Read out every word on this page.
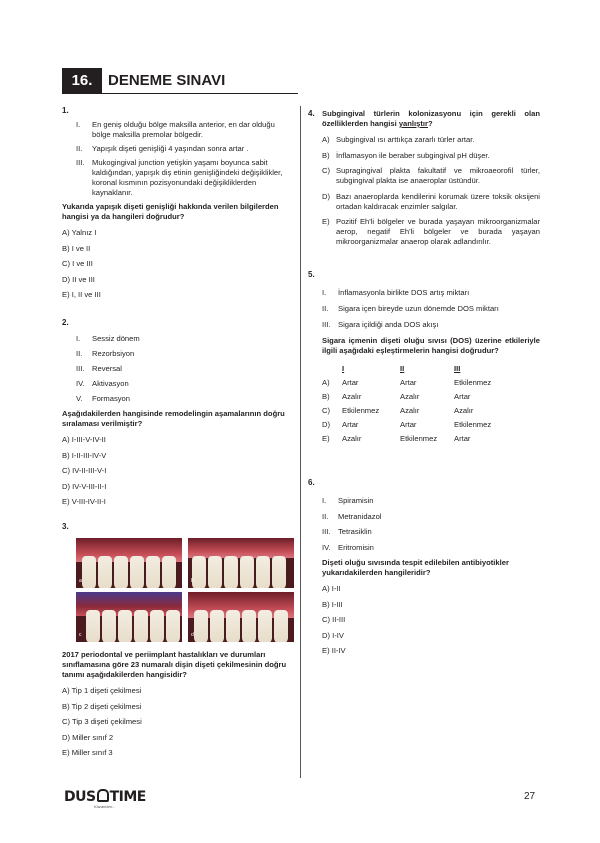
16.	DENEME SINAVI
1.
I.	En geniş olduğu bölge maksilla anterior, en dar olduğu bölge maksilla premolar bölgedir.
II.	Yapışık dişeti genişliği 4 yaşından sonra artar .
III. Mukogingival junction yetişkin yaşamı boyunca sabit kaldığından, yapışık diş etinin genişliğindeki değişiklikler, koronal kısmının pozisyonundaki değişikliklerden kaynaklanır.
Yukarıda yapışık dişeti genişliği hakkında verilen bilgilerden hangisi ya da hangileri doğrudur?
A) Yalnız I
B) I ve II
C) I ve III
D) II ve III
E) I, II ve III
2.
I.	Sessiz dönem
II.	Rezorbsiyon
III. Reversal
IV. Aktivasyon
V.	Formasyon
Aşağıdakilerden hangisinde remodelingin aşamalarının doğru sıralaması verilmiştir?
A) I-III-V-IV-II
B) I-II-III-IV-V
C) IV-II-III-V-I
D) IV-V-III-II-I
E) V-III-IV-II-I
3.
a	b
c	d
2017 periodontal ve periimplant hastalıkları ve durumları sınıflamasına göre 23 numaralı dişin dişeti çekilmesinin doğru tanımı aşağıdakilerden hangisidir?
A) Tip 1 dişeti çekilmesi
B) Tip 2 dişeti çekilmesi
C) Tip 3 dişeti çekilmesi
D) Miller sınıf 2
E) Miller sınıf 3
4. Subgingival türlerin kolonizasyonu için gerekli olan özelliklerden hangisi yanlıştır?
A) Subgingival ısı arttıkça zararlı türler artar.
B) İnflamasyon ile beraber subgingival pH düşer.
C) Supragingival plakta fakultatif ve mikroaeorofil türler, subgingival plakta ise anaeroplar üstündür.
D) Bazı anaeroplarda kendilerini korumak üzere toksik oksijeni ortadan kaldıracak enzimler salgılar.
E) Pozitif Eh'li bölgeler ve burada yaşayan mikroorganizmalar aerop, negatif Eh'li bölgeler ve burada yaşayan mikroorganizmalar anaerop olarak adlandırılır.
5.
I.	İnflamasyonla birlikte DOS artış miktarı
II.	Sigara içen bireyde uzun dönemde DOS miktarı
III. Sigara içildiği anda DOS akışı
Sigara içmenin dişeti oluğu sıvısı (DOS) üzerine etkileriyle ilgili aşağıdaki eşleştirmelerin hangisi doğrudur?
	I	II	III
A)	Artar	Artar	Etkilenmez
B)	Azalır	Azalır	Artar
C)	Etkilenmez	Azalır	Azalır
D)	Artar	Artar	Etkilenmez
E)	Azalır	Etkilenmez	Artar
6.
I.	Spiramisin
II.	Metranidazol
III. Tetrasiklin
IV. Eritromisin
Dişeti oluğu sıvısında tespit edilebilen antibiyotikler yukarıdakilerden hangileridir?
A) I-II
B) I-III
C) II-III
D) I-IV
E) II-IV
DUS TIME
Kazandırır...
27
